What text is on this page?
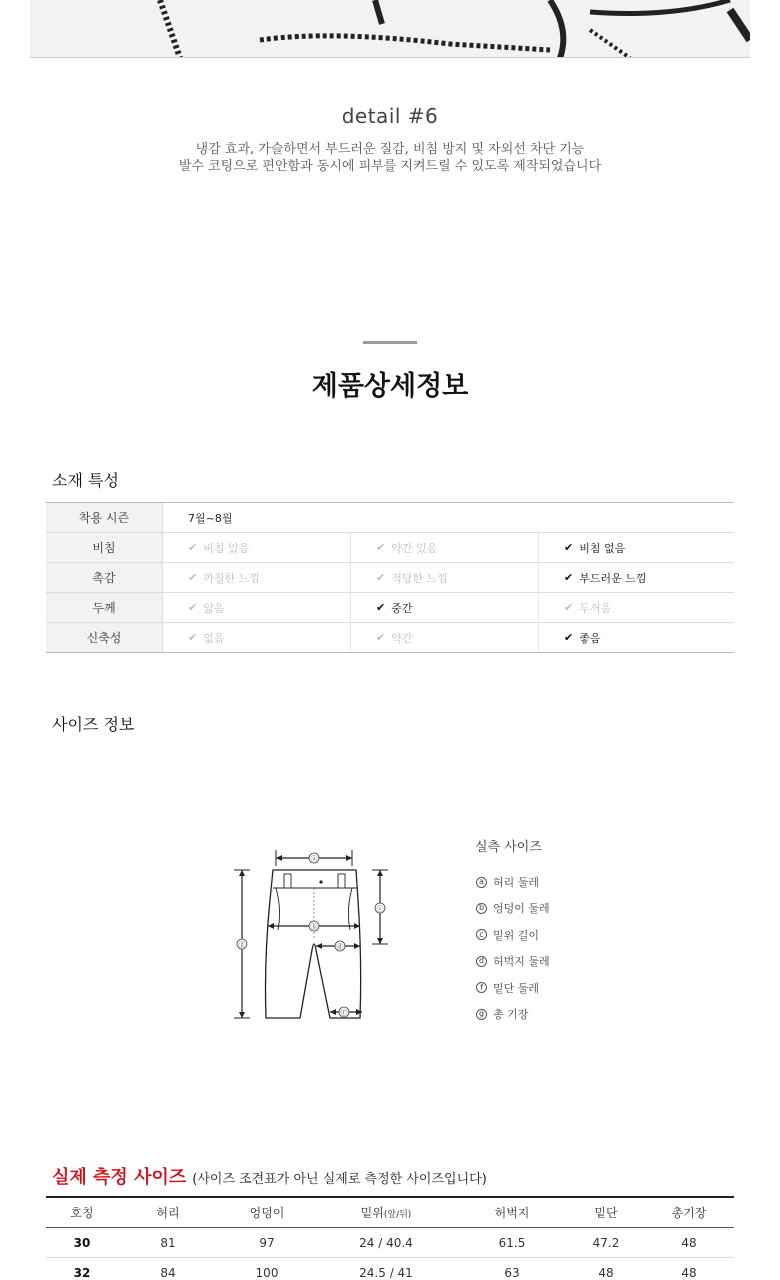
detail #6
냉감 효과, 가슬하면서 부드러운 질감, 비침 방지 및 자외선 차단 기능
발수 코팅으로 편안함과 동시에 피부를 지켜드릴 수 있도록 제작되었습니다
제품상세정보
소재 특성
착용 시즌	7월~8월
비침	✔ 비침 있음	✔ 약간 있음	✔ 비침 없음
촉감	✔ 까칠한 느낌	✔ 적당한 느낌	✔ 부드러운 느낌
두께	✔ 얇음	✔ 중간	✔ 두꺼움
신축성	✔ 없음	✔ 약간	✔ 좋음
사이즈 정보
ⓐ
ⓑ
ⓒ
ⓓ
ⓕ
ⓖ
실측 사이즈
a 허리 둘레
b 엉덩이 둘레
c 밑위 길이
d 허벅지 둘레
f 밑단 둘레
g 총 기장
실제 측정 사이즈 (사이즈 조견표가 아닌 실제로 측정한 사이즈입니다)
호칭	허리	엉덩이	밑위(앞/뒤)	허벅지	밑단	총기장
30	81	97	24 / 40.4	61.5	47.2	48
32	84	100	24.5 / 41	63	48	48
